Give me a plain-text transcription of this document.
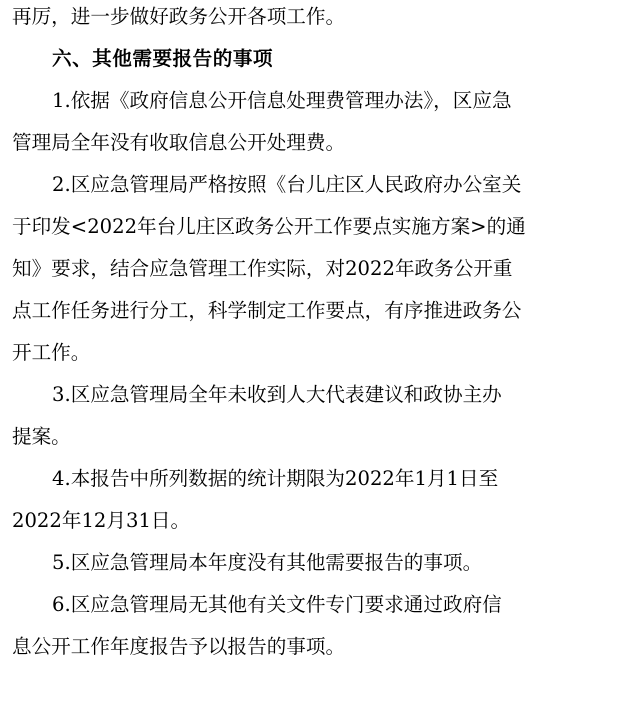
再厉，进一步做好政务公开各项工作。
六、其他需要报告的事项
1.依据《政府信息公开信息处理费管理办法》，区应急
管理局全年没有收取信息公开处理费。
2.区应急管理局严格按照《台儿庄区人民政府办公室关
于印发<2022年台儿庄区政务公开工作要点实施方案>的通
知》要求，结合应急管理工作实际，对2022年政务公开重
点工作任务进行分工，科学制定工作要点，有序推进政务公
开工作。
3.区应急管理局全年未收到人大代表建议和政协主办
提案。
4.本报告中所列数据的统计期限为2022年1月1日至
2022年12月31日。
5.区应急管理局本年度没有其他需要报告的事项。
6.区应急管理局无其他有关文件专门要求通过政府信
息公开工作年度报告予以报告的事项。
